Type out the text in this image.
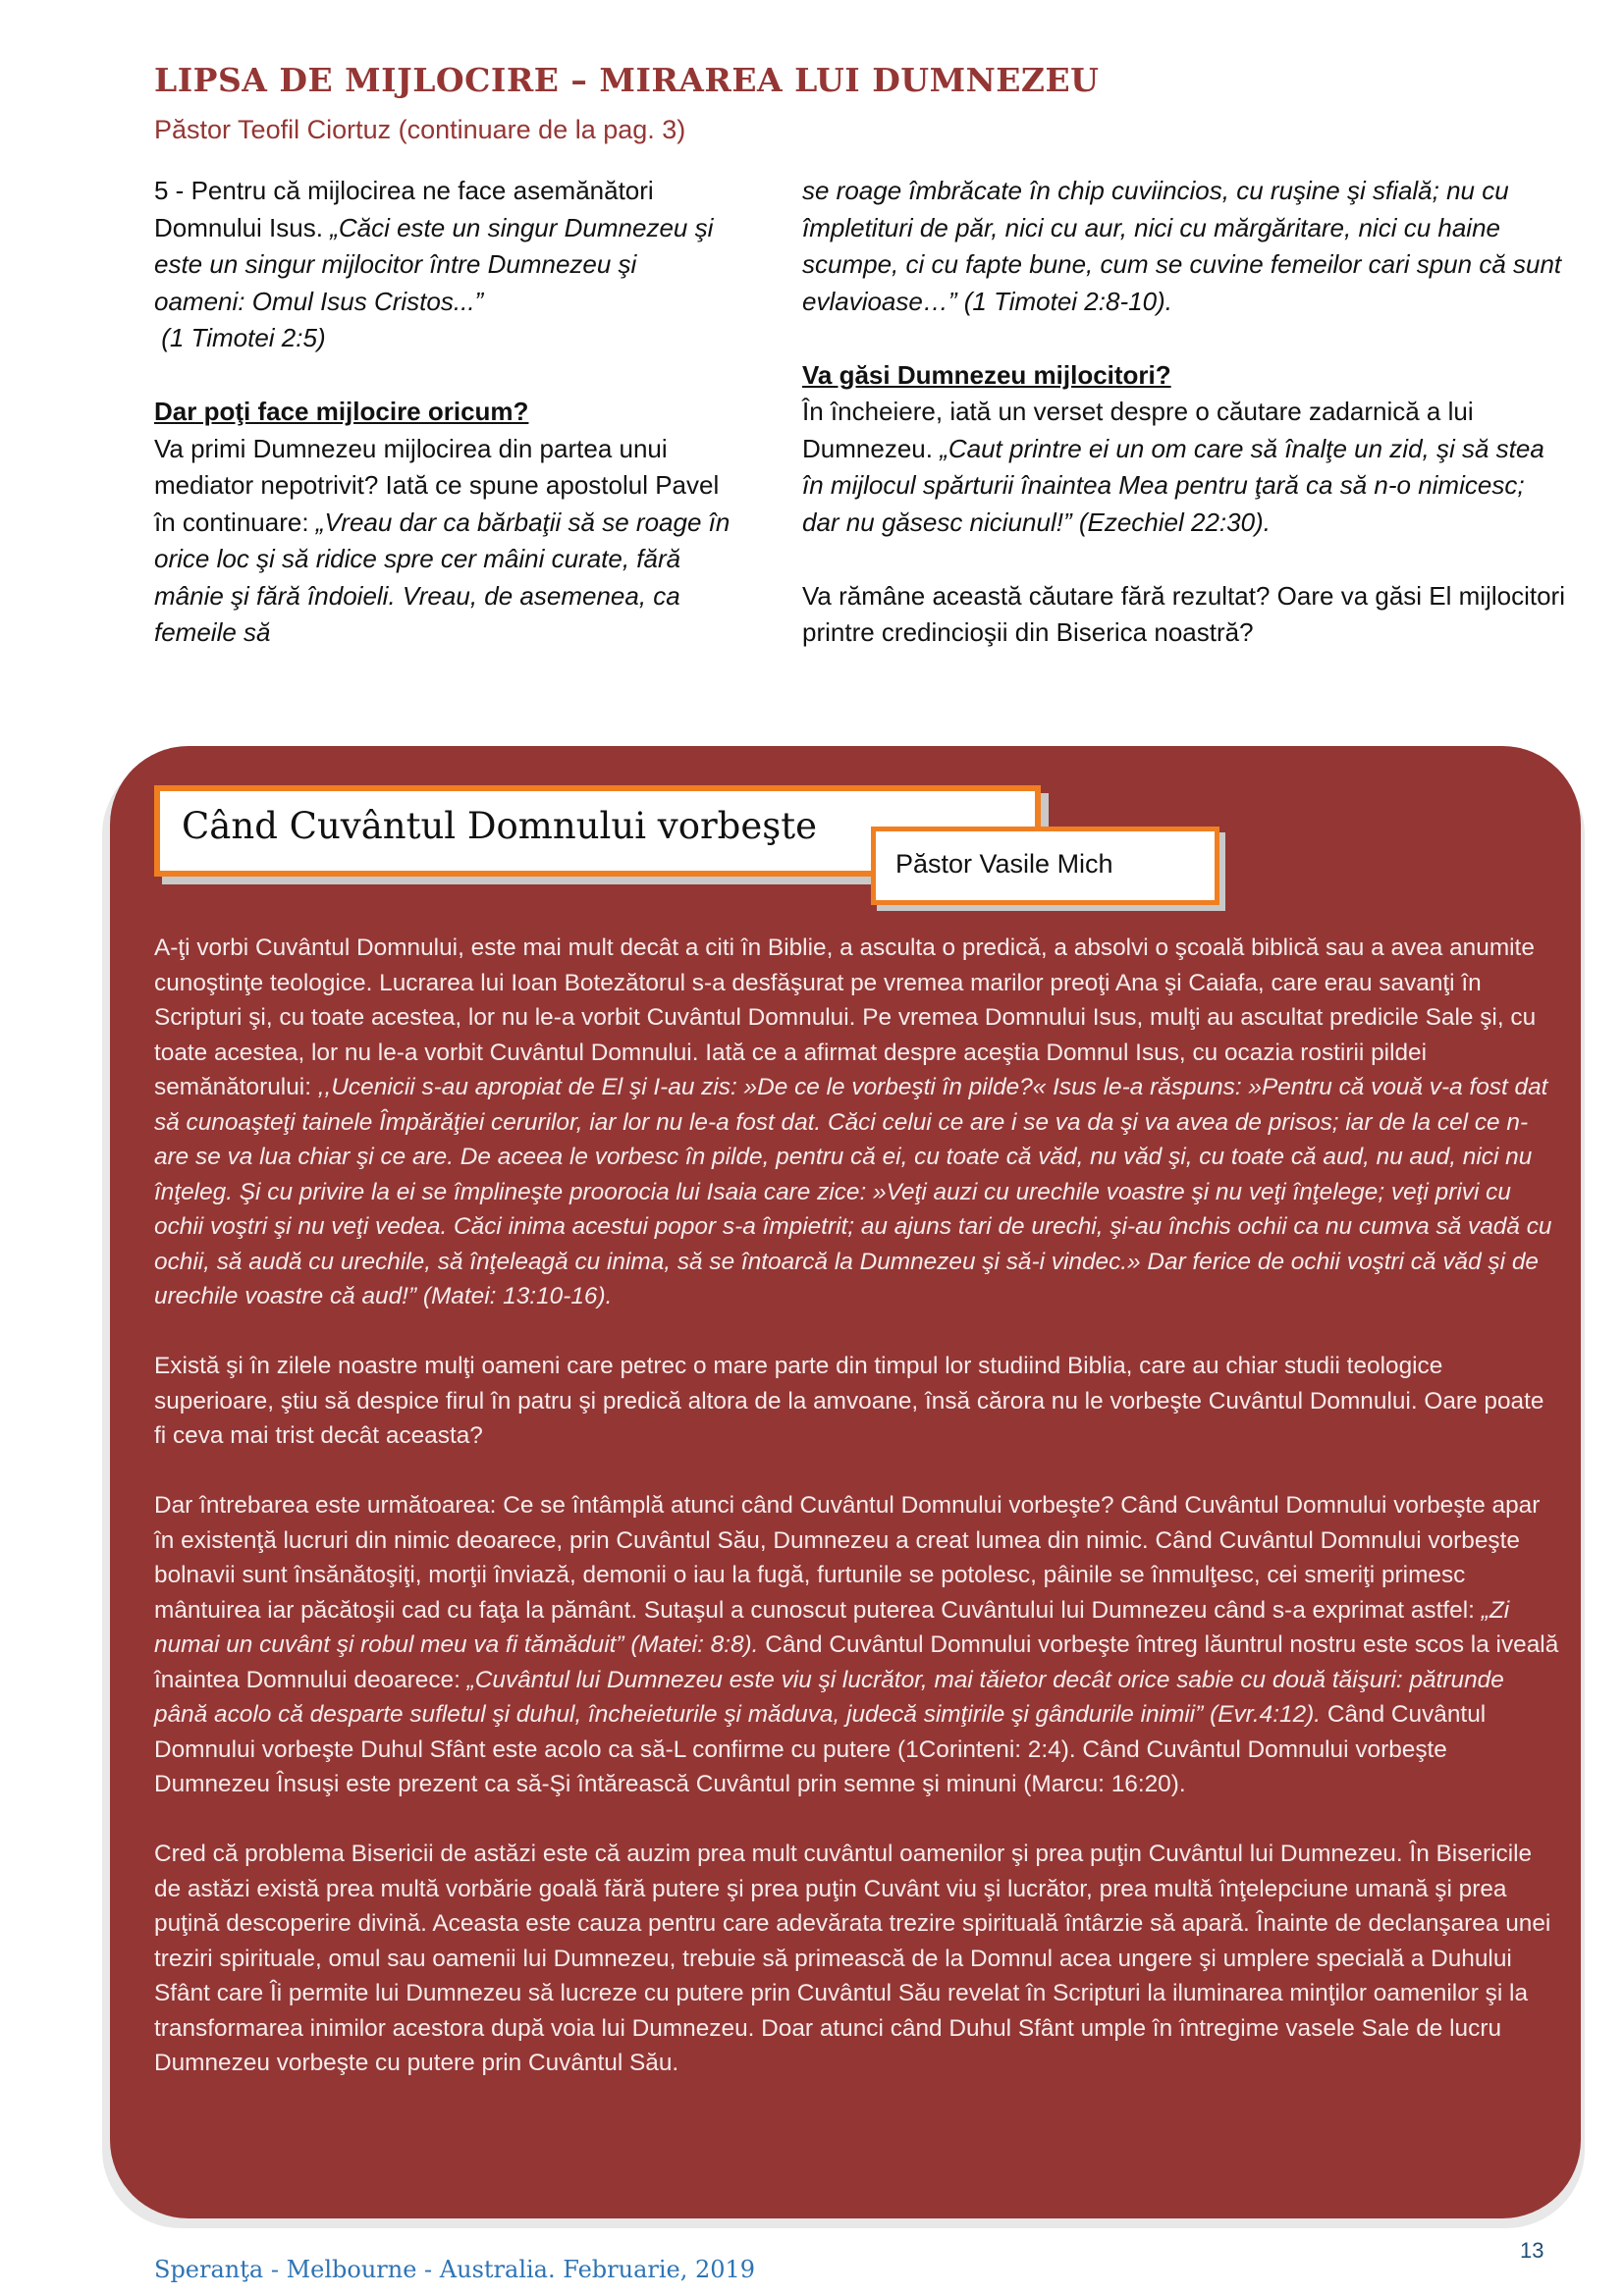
LIPSA DE MIJLOCIRE – MIRAREA LUI DUMNEZEU
Păstor Teofil Ciortuz (continuare de la pag. 3)

5 - Pentru că mijlocirea ne face asemănători Domnului Isus. „Căci este un singur Dumnezeu şi este un singur mijlocitor între Dumnezeu şi oameni: Omul Isus Cristos...”
(1 Timotei 2:5)

Dar poţi face mijlocire oricum?

Va primi Dumnezeu mijlocirea din partea unui mediator nepotrivit? Iată ce spune apostolul Pavel în continuare: „Vreau dar ca bărbaţii să se roage în orice loc şi să ridice spre cer mâini curate, fără mânie şi fără îndoieli. Vreau, de asemenea, ca femeile să

se roage îmbrăcate în chip cuviincios, cu ruşine şi sfială; nu cu împletituri de păr, nici cu aur, nici cu mărgăritare, nici cu haine scumpe, ci cu fapte bune, cum se cuvine femeilor cari spun că sunt evlavioase…” (1 Timotei 2:8-10).

Va găsi Dumnezeu mijlocitori?

În încheiere, iată un verset despre o căutare zadarnică a lui Dumnezeu. „Caut printre ei un om care să înalţe un zid, şi să stea în mijlocul spărturii înaintea Mea pentru ţară ca să n-o nimicesc; dar nu găsesc niciunul!” (Ezechiel 22:30).

Va rămâne această căutare fără rezultat? Oare va găsi El mijlocitori printre credincioşii din Biserica noastră?

Când Cuvântul Domnului vorbeşte
Păstor Vasile Mich

A-ţi vorbi Cuvântul Domnului, este mai mult decât a citi în Biblie, a asculta o predică, a absolvi o şcoală biblică sau a avea anumite cunoştinţe teologice. Lucrarea lui Ioan Botezătorul s-a desfăşurat pe vremea marilor preoţi Ana şi Caiafa, care erau savanţi în Scripturi şi, cu toate acestea, lor nu le-a vorbit Cuvântul Domnului. Pe vremea Domnului Isus, mulţi au ascultat predicile Sale şi, cu toate acestea, lor nu le-a vorbit Cuvântul Domnului. Iată ce a afirmat despre aceştia Domnul Isus, cu ocazia rostirii pildei semănătorului: ,,Ucenicii s-au apropiat de El şi I-au zis: »De ce le vorbeşti în pilde?« Isus le-a răspuns: »Pentru că vouă v-a fost dat să cunoaşteţi tainele Împărăţiei cerurilor, iar lor nu le-a fost dat. Căci celui ce are i se va da şi va avea de prisos; iar de la cel ce n-are se va lua chiar şi ce are. De aceea le vorbesc în pilde, pentru că ei, cu toate că văd, nu văd şi, cu toate că aud, nu aud, nici nu înţeleg. Şi cu privire la ei se împlineşte proorocia lui Isaia care zice: »Veţi auzi cu urechile voastre şi nu veţi înţelege; veţi privi cu ochii voştri şi nu veţi vedea. Căci inima acestui popor s-a împietrit; au ajuns tari de urechi, şi-au închis ochii ca nu cumva să vadă cu ochii, să audă cu urechile, să înţeleagă cu inima, să se întoarcă la Dumnezeu şi să-i vindec.» Dar ferice de ochii voştri că văd şi de urechile voastre că aud!” (Matei: 13:10-16).

Există şi în zilele noastre mulţi oameni care petrec o mare parte din timpul lor studiind Biblia, care au chiar studii teologice superioare, ştiu să despice firul în patru şi predică altora de la amvoane, însă cărora nu le vorbeşte Cuvântul Domnului. Oare poate fi ceva mai trist decât aceasta?

Dar întrebarea este următoarea: Ce se întâmplă atunci când Cuvântul Domnului vorbeşte? Când Cuvântul Domnului vorbeşte apar în existenţă lucruri din nimic deoarece, prin Cuvântul Său, Dumnezeu a creat lumea din nimic. Când Cuvântul Domnului vorbeşte bolnavii sunt însănătoşiţi, morţii înviază, demonii o iau la fugă, furtunile se potolesc, pâinile se înmulţesc, cei smeriţi primesc mântuirea iar păcătoşii cad cu faţa la pământ. Sutaşul a cunoscut puterea Cuvântului lui Dumnezeu când s-a exprimat astfel: „Zi numai un cuvânt şi robul meu va fi tămăduit” (Matei: 8:8). Când Cuvântul Domnului vorbeşte întreg lăuntrul nostru este scos la iveală înaintea Domnului deoarece: „Cuvântul lui Dumnezeu este viu şi lucrător, mai tăietor decât orice sabie cu două tăişuri: pătrunde până acolo că desparte sufletul şi duhul, încheieturile şi măduva, judecă simţirile şi gândurile inimii” (Evr.4:12). Când Cuvântul Domnului vorbeşte Duhul Sfânt este acolo ca să-L confirme cu putere (1Corinteni: 2:4). Când Cuvântul Domnului vorbeşte Dumnezeu Însuşi este prezent ca să-Şi întărească Cuvântul prin semne şi minuni (Marcu: 16:20).

Cred că problema Bisericii de astăzi este că auzim prea mult cuvântul oamenilor şi prea puţin Cuvântul lui Dumnezeu. În Bisericile de astăzi există prea multă vorbărie goală fără putere şi prea puţin Cuvânt viu şi lucrător, prea multă înţelepciune umană şi prea puţină descoperire divină. Aceasta este cauza pentru care adevărata trezire spirituală întârzie să apară. Înainte de declanşarea unei treziri spirituale, omul sau oamenii lui Dumnezeu, trebuie să primească de la Domnul acea ungere şi umplere specială a Duhului Sfânt care Îi permite lui Dumnezeu să lucreze cu putere prin Cuvântul Său revelat în Scripturi la iluminarea minţilor oamenilor şi la transformarea inimilor acestora după voia lui Dumnezeu. Doar atunci când Duhul Sfânt umple în întregime vasele Sale de lucru Dumnezeu vorbeşte cu putere prin Cuvântul Său.

13
Speranţa - Melbourne - Australia. Februarie, 2019
